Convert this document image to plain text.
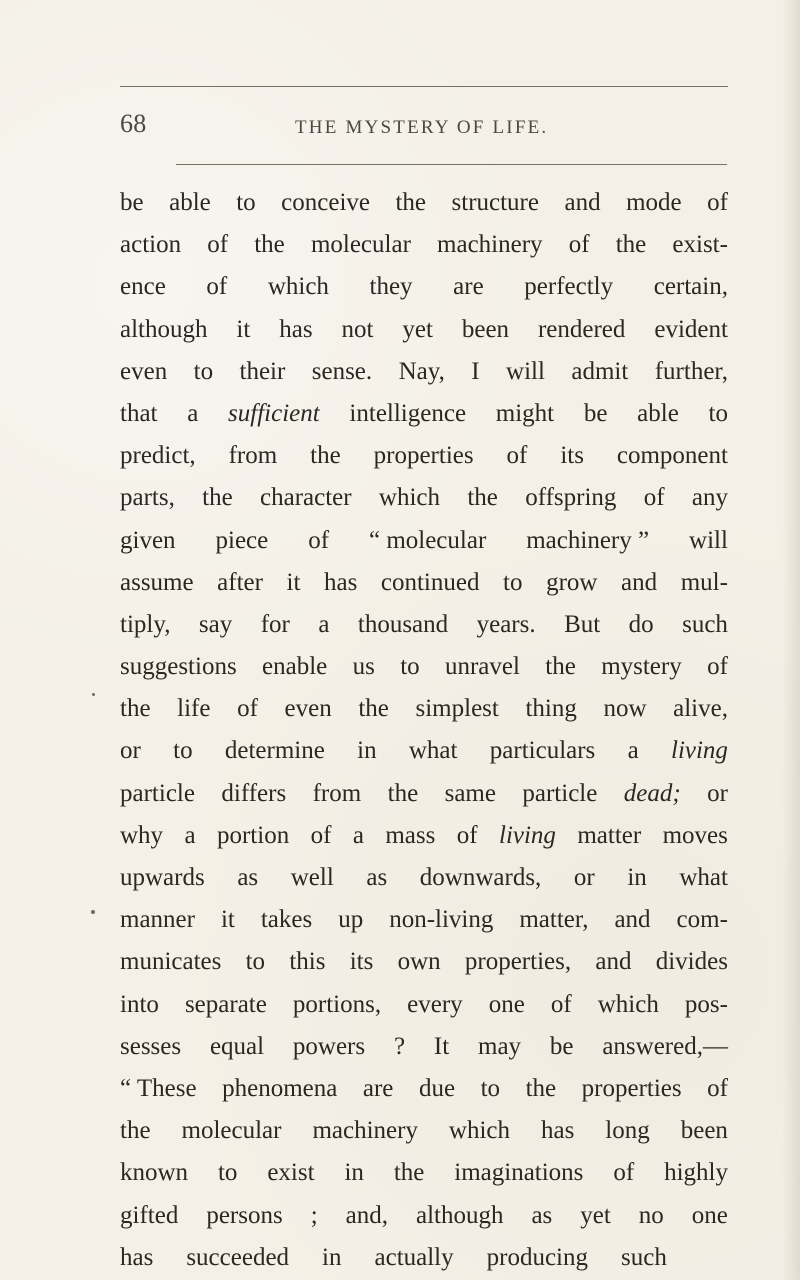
68	THE MYSTERY OF LIFE.
be able to conceive the structure and mode of
action of the molecular machinery of the exist-
ence of which they are perfectly certain,
although it has not yet been rendered evident
even to their sense. Nay, I will admit further,
that a sufficient intelligence might be able to
predict, from the properties of its component
parts, the character which the offspring of any
given piece of “ molecular machinery ” will
assume after it has continued to grow and mul-
tiply, say for a thousand years. But do such
suggestions enable us to unravel the mystery of
the life of even the simplest thing now alive,
or to determine in what particulars a living
particle differs from the same particle dead; or
why a portion of a mass of living matter moves
upwards as well as downwards, or in what
manner it takes up non-living matter, and com-
municates to this its own properties, and divides
into separate portions, every one of which pos-
sesses equal powers ? It may be answered,—
“ These phenomena are due to the properties of
the molecular machinery which has long been
known to exist in the imaginations of highly
gifted persons ; and, although as yet no one
has succeeded in actually producing such
